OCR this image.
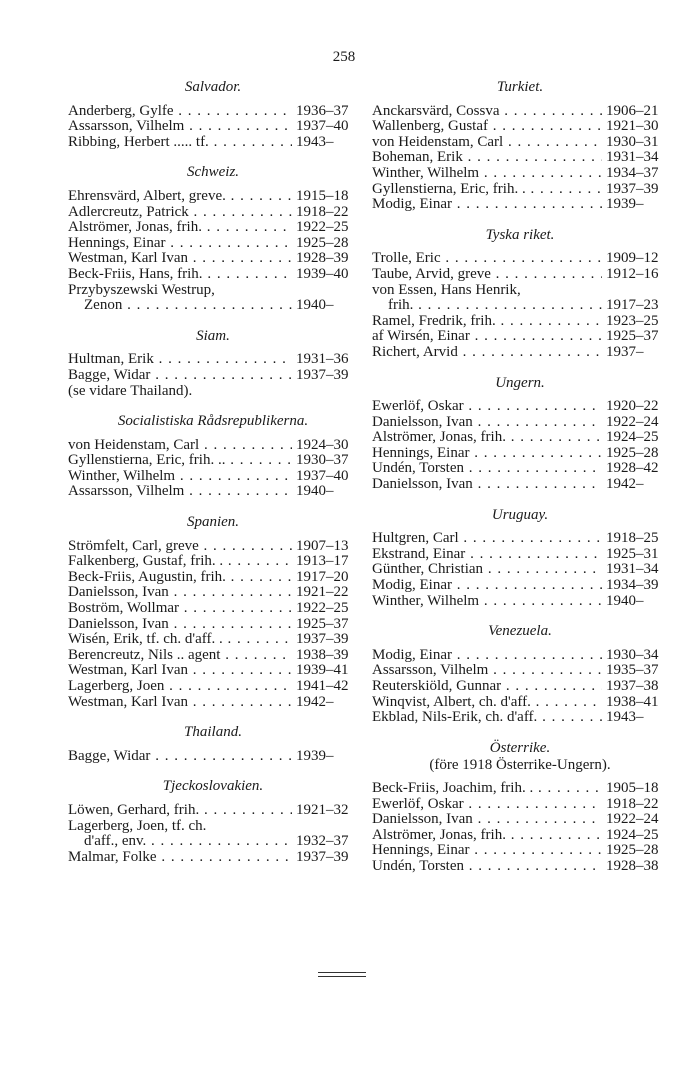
258
Salvador.
Anderberg, Gylfe . . .	1936–37
Assarsson, Vilhelm . . .	1937–40
Ribbing, Herbert ..... tf. . . .	1943–
Schweiz.
Ehrensvärd, Albert, greve. . . .	1915–18
Adlercreutz, Patrick . . .	1918–22
Alströmer, Jonas, frih. . . .	1922–25
Hennings, Einar . . .	1925–28
Westman, Karl Ivan . . .	1928–39
Beck-Friis, Hans, frih. . . .	1939–40
Przybyszewski Westrup,
Zenon . . .	1940–
Siam.
Hultman, Erik . . .	1931–36
Bagge, Widar . . .	1937–39
(se vidare Thailand).
Socialistiska Rådsrepublikerna.
von Heidenstam, Carl . . .	1924–30
Gyllenstierna, Eric, frih. .. . . .	1930–37
Winther, Wilhelm . . .	1937–40
Assarsson, Vilhelm . . .	1940–
Spanien.
Strömfelt, Carl, greve . . .	1907–13
Falkenberg, Gustaf, frih. . . . .	1913–17
Beck-Friis, Augustin, frih. . . .	1917–20
Danielsson, Ivan . . .	1921–22
Boström, Wollmar . . .	1922–25
Danielsson, Ivan . . .	1925–37
Wisén, Erik, tf. ch. d'aff. . . . .	1937–39
Berencreutz, Nils .. agent . . .	1938–39
Westman, Karl Ivan . . .	1939–41
Lagerberg, Joen . . .	1941–42
Westman, Karl Ivan . . .	1942–
Thailand.
Bagge, Widar . . .	1939–
Tjeckoslovakien.
Löwen, Gerhard, frih. . . .	1921–32
Lagerberg, Joen, tf. ch.
d'aff., env. . . .	1932–37
Malmar, Folke . . .	1937–39
Turkiet.
Anckarsvärd, Cossva . . .	1906–21
Wallenberg, Gustaf . . .	1921–30
von Heidenstam, Carl . . .	1930–31
Boheman, Erik . . .	1931–34
Winther, Wilhelm . . .	1934–37
Gyllenstierna, Eric, frih. . . . .	1937–39
Modig, Einar . . .	1939–
Tyska riket.
Trolle, Eric . . .	1909–12
Taube, Arvid, greve . . .	1912–16
von Essen, Hans Henrik,
frih. . . .	1917–23
Ramel, Fredrik, frih. . . .	1923–25
af Wirsén, Einar . . .	1925–37
Richert, Arvid . . .	1937–
Ungern.
Ewerlöf, Oskar . . .	1920–22
Danielsson, Ivan . . .	1922–24
Alströmer, Jonas, frih. . . .	1924–25
Hennings, Einar . . .	1925–28
Undén, Torsten . . .	1928–42
Danielsson, Ivan . . .	1942–
Uruguay.
Hultgren, Carl . . .	1918–25
Ekstrand, Einar . . .	1925–31
Günther, Christian . . .	1931–34
Modig, Einar . . .	1934–39
Winther, Wilhelm . . .	1940–
Venezuela.
Modig, Einar . . .	1930–34
Assarsson, Vilhelm . . .	1935–37
Reuterskiöld, Gunnar . . .	1937–38
Winqvist, Albert, ch. d'aff. . . .	1938–41
Ekblad, Nils-Erik, ch. d'aff. . . .	1943–
Österrike.
(före 1918 Österrike-Ungern).
Beck-Friis, Joachim, frih. . . . .	1905–18
Ewerlöf, Oskar . . .	1918–22
Danielsson, Ivan . . .	1922–24
Alströmer, Jonas, frih. . . .	1924–25
Hennings, Einar . . .	1925–28
Undén, Torsten . . .	1928–38
